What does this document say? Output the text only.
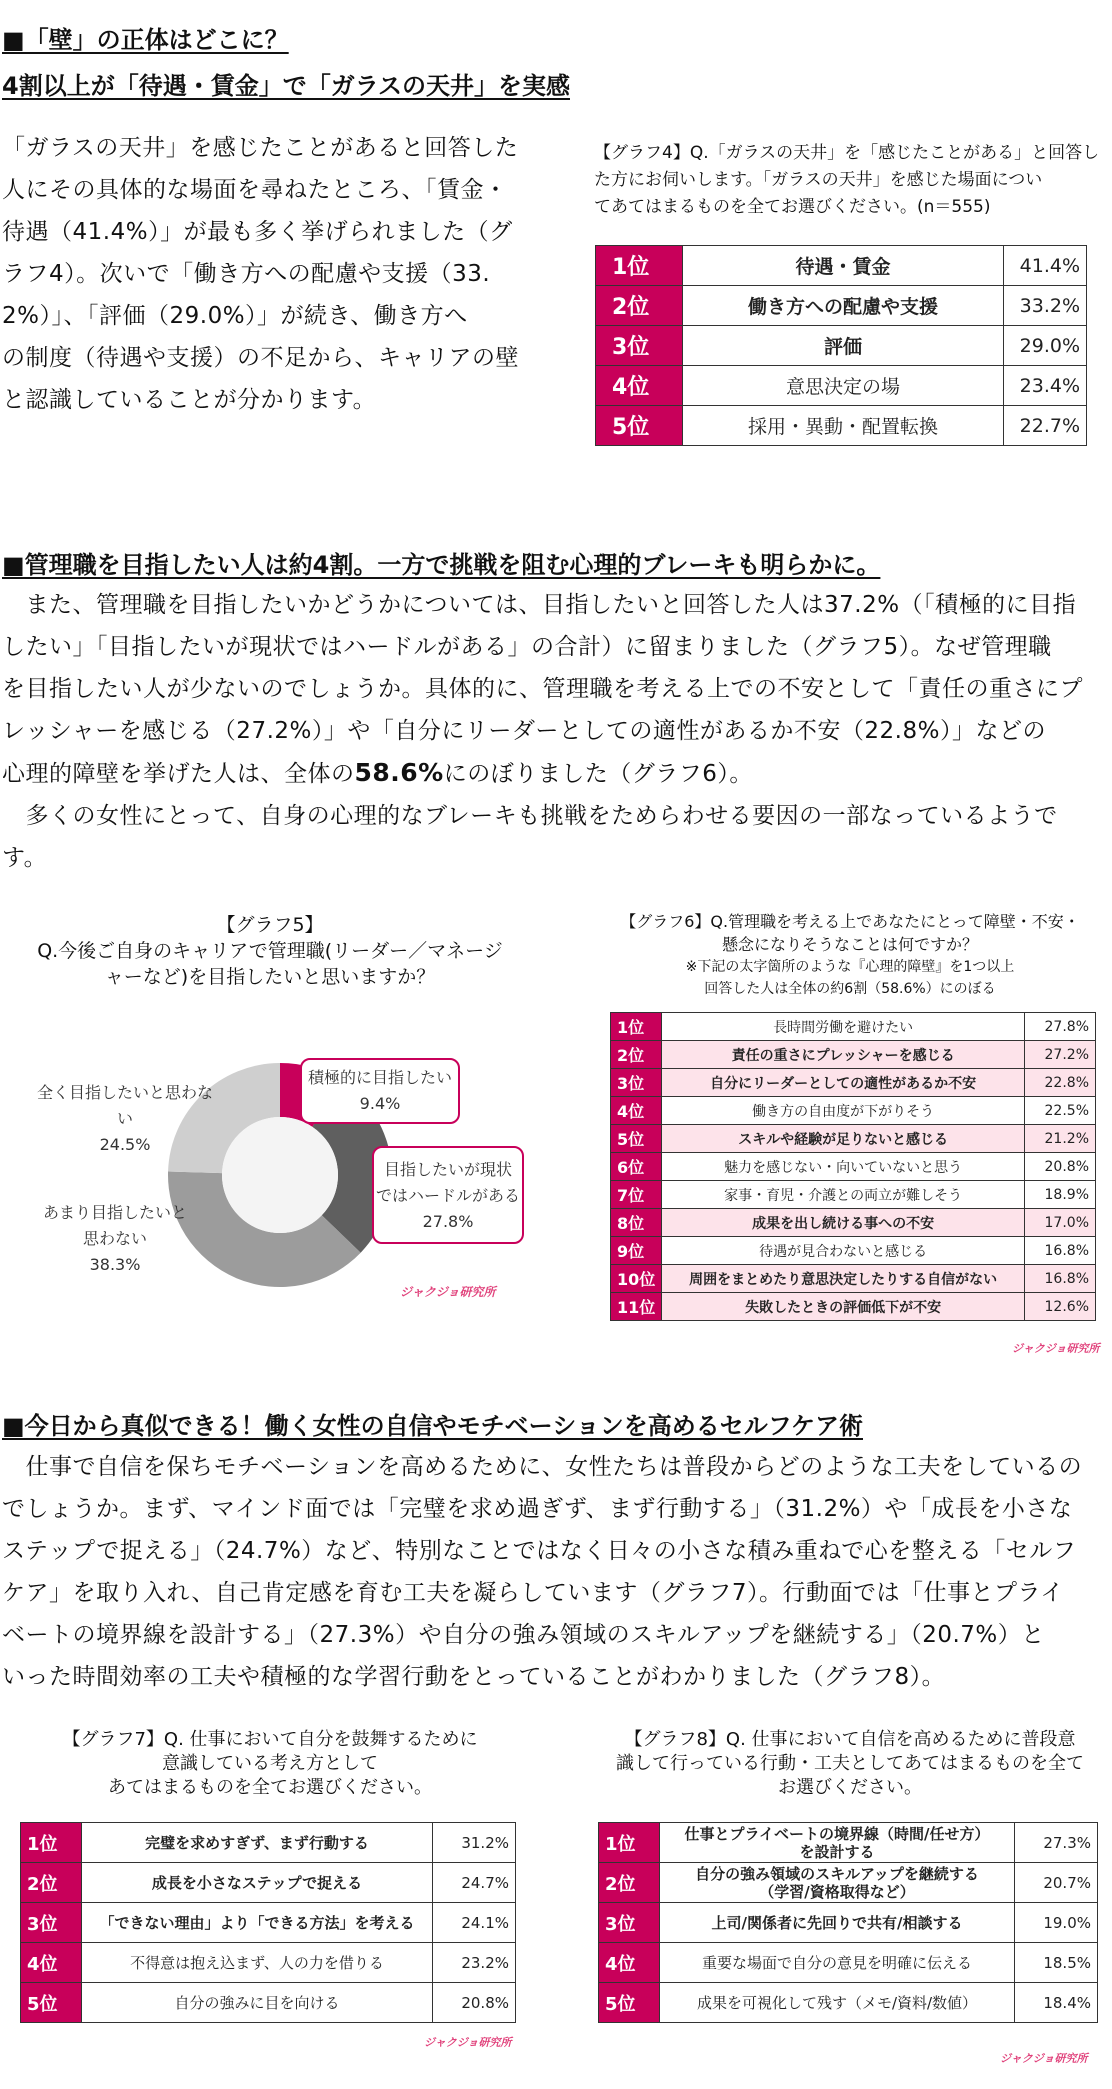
■「壁」の正体はどこに？
4割以上が「待遇・賃金」で「ガラスの天井」を実感
「ガラスの天井」を感じたことがあると回答した
人にその具体的な場面を尋ねたところ、「賃金・
待遇（41.4%）」が最も多く挙げられました（グ
ラフ4）。次いで「働き方への配慮や支援（33.
2%）」、「評価（29.0%）」が続き、働き方へ
の制度（待遇や支援）の不足から、キャリアの壁
と認識していることが分かります。
【グラフ4】Q.「ガラスの天井」を「感じたことがある」と回答し
た方にお伺いします。「ガラスの天井」を感じた場面につい
てあてはまるものを全てお選びください。(n＝555)
1位	待遇・賃金	41.4%
2位	働き方への配慮や支援	33.2%
3位	評価	29.0%
4位	意思決定の場	23.4%
5位	採用・異動・配置転換	22.7%
■管理職を目指したい人は約4割。一方で挑戦を阻む心理的ブレーキも明らかに。
　また、管理職を目指したいかどうかについては、目指したいと回答した人は37.2%（「積極的に目指
したい」「目指したいが現状ではハードルがある」の合計）に留まりました（グラフ5）。なぜ管理職
を目指したい人が少ないのでしょうか。具体的に、管理職を考える上での不安として「責任の重さにプ
レッシャーを感じる（27.2%）」や「自分にリーダーとしての適性があるか不安（22.8%）」などの
心理的障壁を挙げた人は、全体の58.6%にのぼりました（グラフ6）。
　多くの女性にとって、自身の心理的なブレーキも挑戦をためらわせる要因の一部なっているようで
す。
【グラフ5】
Q.今後ご自身のキャリアで管理職(リーダー／マネージ
ャーなど)を目指したいと思いますか？
全く目指したいと思わない
24.5%
あまり目指したいと
思わない
38.3%
積極的に目指したい
9.4%
目指したいが現状
ではハードルがある
27.8%
ジャクジョ研究所
【グラフ6】Q.管理職を考える上であなたにとって障壁・不安・
懸念になりそうなことは何ですか？
※下記の太字箇所のような『心理的障壁』を1つ以上
回答した人は全体の約6割（58.6%）にのぼる
1位	長時間労働を避けたい	27.8%
2位	責任の重さにプレッシャーを感じる	27.2%
3位	自分にリーダーとしての適性があるか不安	22.8%
4位	働き方の自由度が下がりそう	22.5%
5位	スキルや経験が足りないと感じる	21.2%
6位	魅力を感じない・向いていないと思う	20.8%
7位	家事・育児・介護との両立が難しそう	18.9%
8位	成果を出し続ける事への不安	17.0%
9位	待遇が見合わないと感じる	16.8%
10位	周囲をまとめたり意思決定したりする自信がない	16.8%
11位	失敗したときの評価低下が不安	12.6%
ジャクジョ研究所
■今日から真似できる！働く女性の自信やモチベーションを高めるセルフケア術
　仕事で自信を保ちモチベーションを高めるために、女性たちは普段からどのような工夫をしているの
でしょうか。まず、マインド面では「完璧を求め過ぎず、まず行動する」（31.2%）や「成長を小さな
ステップで捉える」（24.7%）など、特別なことではなく日々の小さな積み重ねで心を整える「セルフ
ケア」を取り入れ、自己肯定感を育む工夫を凝らしています（グラフ7）。行動面では「仕事とプライ
ベートの境界線を設計する」（27.3%）や自分の強み領域のスキルアップを継続する」（20.7%）と
いった時間効率の工夫や積極的な学習行動をとっていることがわかりました（グラフ8）。
【グラフ7】Q. 仕事において自分を鼓舞するために
意識している考え方として
あてはまるものを全てお選びください。
1位	完璧を求めすぎず、まず行動する	31.2%
2位	成長を小さなステップで捉える	24.7%
3位	「できない理由」より「できる方法」を考える	24.1%
4位	不得意は抱え込まず、人の力を借りる	23.2%
5位	自分の強みに目を向ける	20.8%
ジャクジョ研究所
【グラフ8】Q. 仕事において自信を高めるために普段意
識して行っている行動・工夫としてあてはまるものを全て
お選びください。
1位	仕事とプライベートの境界線（時間/任せ方）
を設計する	27.3%
2位	自分の強み領域のスキルアップを継続する
（学習/資格取得など）	20.7%
3位	上司/関係者に先回りで共有/相談する	19.0%
4位	重要な場面で自分の意見を明確に伝える	18.5%
5位	成果を可視化して残す（メモ/資料/数値）	18.4%
ジャクジョ研究所
